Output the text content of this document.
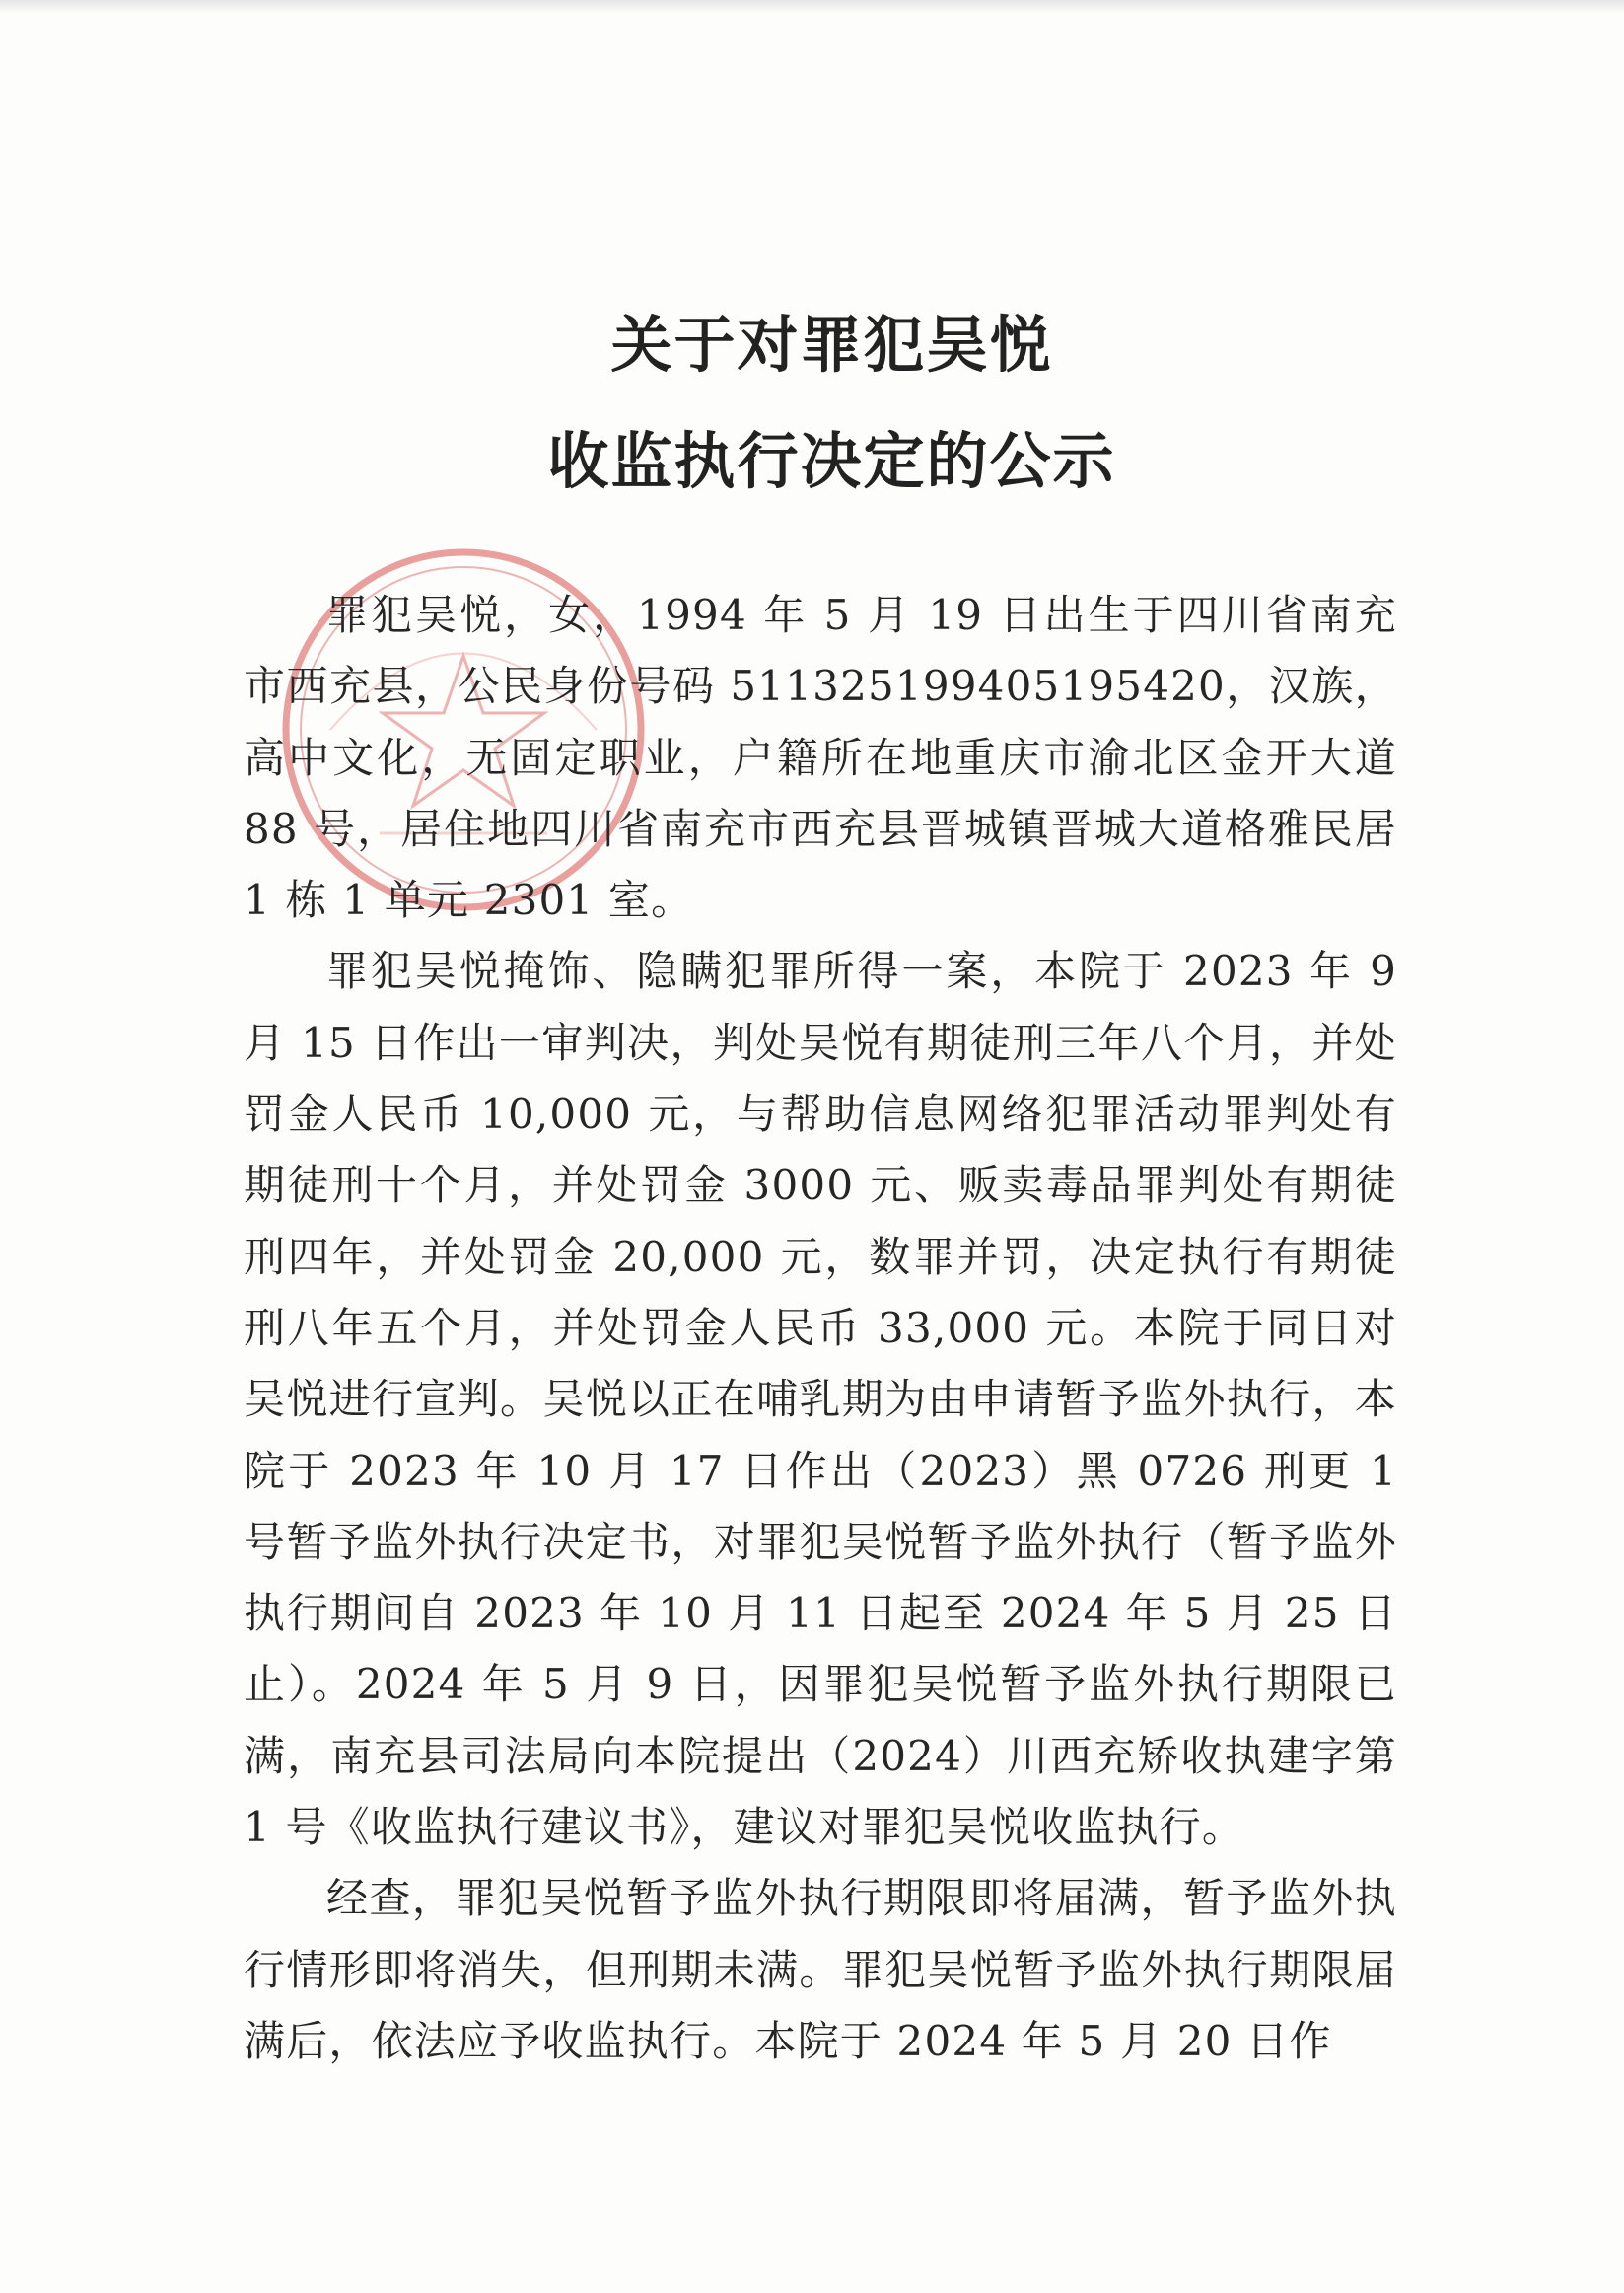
关于对罪犯吴悦
收监执行决定的公示

罪犯吴悦，女，1994 年 5 月 19 日出生于四川省南充市西充县，公民身份号码 511325199405195420，汉族，高中文化，无固定职业，户籍所在地重庆市渝北区金开大道 88 号，居住地四川省南充市西充县晋城镇晋城大道格雅民居 1 栋 1 单元 2301 室。

罪犯吴悦掩饰、隐瞒犯罪所得一案，本院于 2023 年 9 月 15 日作出一审判决，判处吴悦有期徒刑三年八个月，并处罚金人民币 10,000 元，与帮助信息网络犯罪活动罪判处有期徒刑十个月，并处罚金 3000 元、贩卖毒品罪判处有期徒刑四年，并处罚金 20,000 元，数罪并罚，决定执行有期徒刑八年五个月，并处罚金人民币 33,000 元。本院于同日对吴悦进行宣判。吴悦以正在哺乳期为由申请暂予监外执行，本院于 2023 年 10 月 17 日作出（2023）黑 0726 刑更 1 号暂予监外执行决定书，对罪犯吴悦暂予监外执行（暂予监外执行期间自 2023 年 10 月 11 日起至 2024 年 5 月 25 日止）。2024 年 5 月 9 日，因罪犯吴悦暂予监外执行期限已满，南充县司法局向本院提出（2024）川西充矫收执建字第 1 号《收监执行建议书》，建议对罪犯吴悦收监执行。

经查，罪犯吴悦暂予监外执行期限即将届满，暂予监外执行情形即将消失，但刑期未满。罪犯吴悦暂予监外执行期限届满后，依法应予收监执行。本院于 2024 年 5 月 20 日作
